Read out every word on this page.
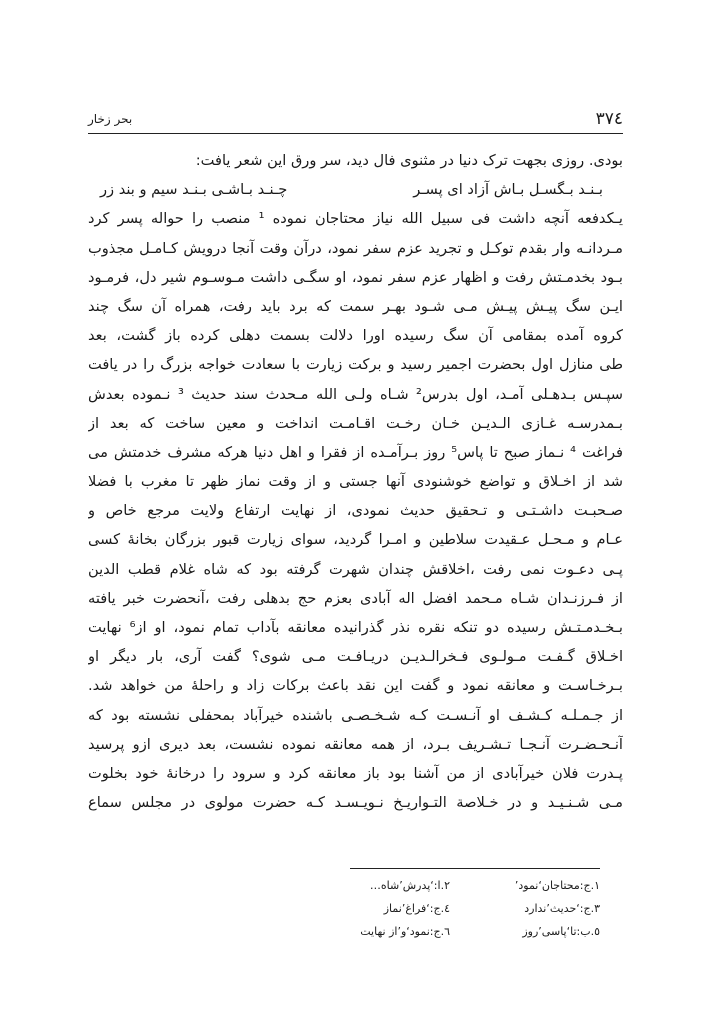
٣٧٤
بحر زخار
بودی. روزی بجهت ترک دنیا در مثنوی فال دید، سر ورق این شعر یافت:
بـنـد بـگسـل بـاش آزاد ای پسـر
چـنـد بـاشـی بـنـد سیم و بند زر
یـکدفعه آنچه داشت فی سبیل الله نیاز محتاجان نموده ¹ منصب را حواله پسر کرد
مـردانـه وار بقدم توکـل و تجرید عزم سفر نمود، درآن وقت آنجا درویش کـامـل مجذوب
بـود بخدمـتش رفت و اظهار عزم سفر نمود، او سگـی داشت مـوسـوم شیر دل، فرمـود
ایـن سگ پیـش پیـش مـی شـود بهـر سمت که برد باید رفت، همراه آن سگ چند
کروه آمده بمقامی آن سگ رسیده اورا دلالت بسمت دهلی کرده باز گشت، بعد
طی منازل اول بحضرت اجمیر رسید و برکت زیارت با سعادت خواجه بزرگ را در یافت
سپـس بـدهـلی آمـد، اول بدرس² شـاه ولـی الله مـحدث سند حدیث ³ نـموده بعدش
بـمدرسـه غـازی الـدیـن خـان رخـت اقـامـت انداخت و معین ساخت که بعد از
فراغت ⁴ نـماز صبح تا پاس⁵ روز بـرآمـده از فقرا و اهل دنیا هرکه مشرف خدمتش می
شد از اخـلاق و تواضع خوشنودی آنها جستی و از وقت نماز ظهر تا مغرب با فضلا
صـحبـت داشـتـی و تـحقیق حدیث نمودی، از نهایت ارتفاع ولایت مرجع خاص و
عـام و مـحـل عـقیدت سلاطین و امـرا گردید، سوای زیارت قبور بزرگان بخانهٔ کسی
پـی دعـوت نمی رفت ،اخلاقش چندان شهرت گرفته بود که شاه غلام قطب الدین
از فـرزنـدان شـاه مـحمد افضل اله آبادی بعزم حج بدهلی رفت ،آنحضرت خبر یافته
بـخـدمـتـش رسیده دو تنکه نقره نذر گذرانیده معانقه بآداب تمام نمود، او از⁶ نهایت
اخـلاق گـفـت مـولـوی فـخرالـدیـن دریـافـت مـی شوی؟ گفت آری، بار دیگر او
بـرخـاسـت و معانقه نمود و گفت این نقد باعث برکات زاد و راحلهٔ من خواهد شد.
از جـمـلـه کـشـف او آنـسـت کـه شـخـصـی باشنده خیرآباد بمحفلی نشسته بود که
آنـحـضـرت آنـجـا تـشـریف بـرد، از همه معانقه نموده نشست، بعد دیری ازو پرسید
پـدرت فلان خیرآبادی از من آشنا بود باز معانقه کرد و سرود را درخانهٔ خود بخلوت
مـی شـنـیـد و در خـلاصة التـواریـخ نـویـسـد کـه حضرت مولوی در مجلس سماع
١.ج:محتاجان‘نمود’
٢.ا:‘پدرش’شاه…
٣.ج:‘حدیث’ندارد
٤.ج:‘فراغ’نماز
٥.ب:تا‘پاسی’روز
٦.ج:نمود‘و’از نهایت
